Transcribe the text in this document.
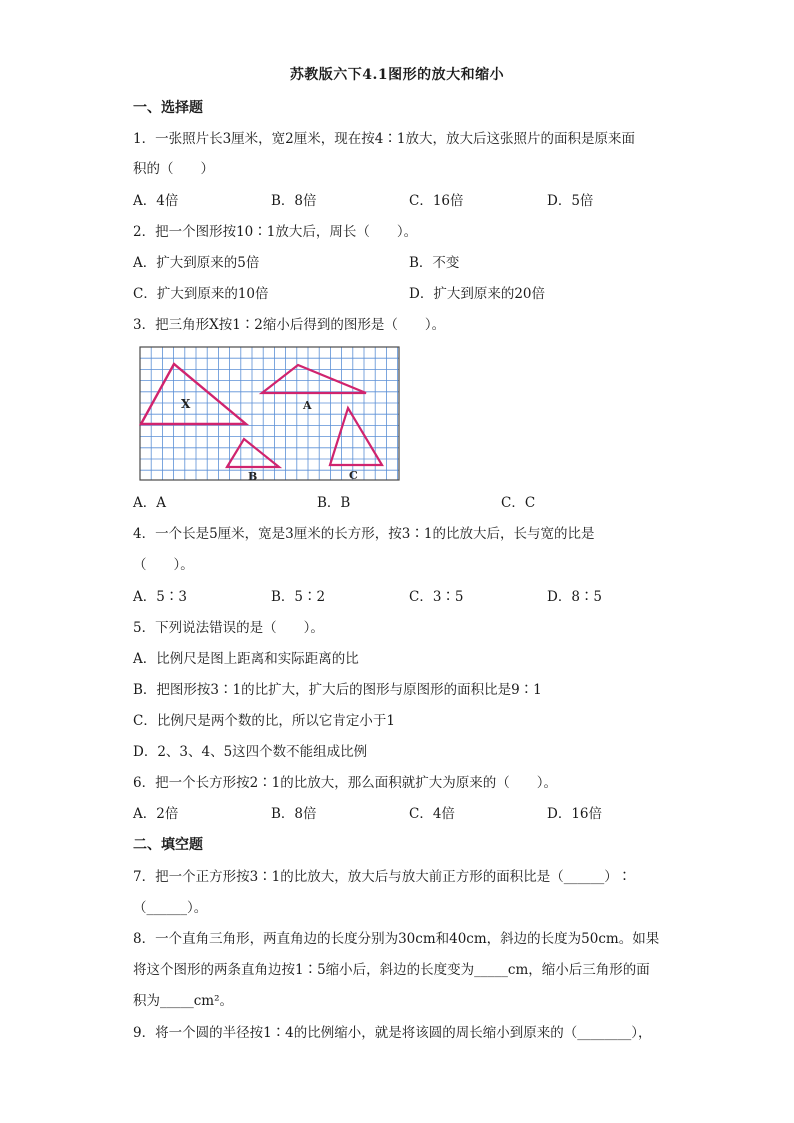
苏教版六下4.1图形的放大和缩小
一、选择题
1．一张照片长3厘米，宽2厘米，现在按4∶1放大，放大后这张照片的面积是原来面
积的（　　）
A．4倍	B．8倍	C．16倍	D．5倍
2．把一个图形按10∶1放大后，周长（　　）。
A．扩大到原来的5倍	B．不变
C．扩大到原来的10倍	D．扩大到原来的20倍
3．把三角形X按1∶2缩小后得到的图形是（　　）。
X	A
B	C
A．A	B．B	C．C
4．一个长是5厘米，宽是3厘米的长方形，按3∶1的比放大后，长与宽的比是
（　　）。
A．5∶3	B．5∶2	C．3∶5	D．8∶5
5．下列说法错误的是（　　）。
A．比例尺是图上距离和实际距离的比
B．把图形按3∶1的比扩大，扩大后的图形与原图形的面积比是9∶1
C．比例尺是两个数的比，所以它肯定小于1
D．2、3、4、5这四个数不能组成比例
6．把一个长方形按2∶1的比放大，那么面积就扩大为原来的（　　）。
A．2倍	B．8倍	C．4倍	D．16倍
二、填空题
7．把一个正方形按3∶1的比放大，放大后与放大前正方形的面积比是（______）∶
（______）。
8．一个直角三角形，两直角边的长度分别为30cm和40cm，斜边的长度为50cm。如果
将这个图形的两条直角边按1∶5缩小后，斜边的长度变为_____cm，缩小后三角形的面
积为_____cm²。
9．将一个圆的半径按1∶4的比例缩小，就是将该圆的周长缩小到原来的（________），
